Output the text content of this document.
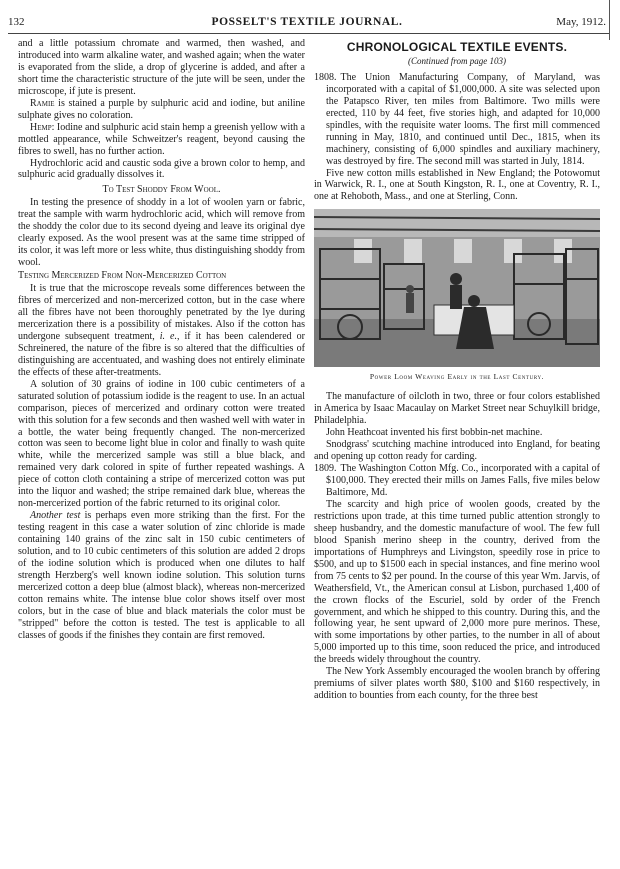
132	POSSELT'S TEXTILE JOURNAL.	May, 1912.

and a little potassium chromate and warmed, then washed, and introduced into warm alkaline water, and washed again; when the water is evaporated from the slide, a drop of glycerine is added, and after a short time the characteristic structure of the jute will be seen, under the microscope, if jute is present.

Ramie is stained a purple by sulphuric acid and iodine, but aniline sulphate gives no coloration.

Hemp: Iodine and sulphuric acid stain hemp a greenish yellow with a mottled appearance, while Schweitzer's reagent, beyond causing the fibres to swell, has no further action.

Hydrochloric acid and caustic soda give a brown color to hemp, and sulphuric acid gradually dissolves it.

To Test Shoddy From Wool.

In testing the presence of shoddy in a lot of woolen yarn or fabric, treat the sample with warm hydrochloric acid, which will remove from the shoddy the color due to its second dyeing and leave its original dye clearly exposed. As the wool present was at the same time stripped of its color, it was left more or less white, thus distinguishing shoddy from wool.

Testing Mercerized From Non-Mercerized Cotton

It is true that the microscope reveals some differences between the fibres of mercerized and non-mercerized cotton, but in the case where all the fibres have not been thoroughly penetrated by the lye during mercerization there is a possibility of mistakes. Also if the cotton has undergone subsequent treatment, i. e., if it has been calendered or Schreinered, the nature of the fibre is so altered that the difficulties of distinguishing are accentuated, and washing does not entirely eliminate the effects of these after-treatments.

A solution of 30 grains of iodine in 100 cubic centimeters of a saturated solution of potassium iodide is the reagent to use. In an actual comparison, pieces of mercerized and ordinary cotton were treated with this solution for a few seconds and then washed well with water in a bottle, the water being frequently changed. The non-mercerized cotton was seen to become light blue in color and finally to wash quite white, while the mercerized sample was still a blue black, and remained very dark colored in spite of further repeated washings. A piece of cotton cloth containing a stripe of mercerized cotton was put into the liquor and washed; the stripe remained dark blue, whereas the non-mercerized portion of the fabric returned to its original color.

Another test is perhaps even more striking than the first. For the testing reagent in this case a water solution of zinc chloride is made containing 140 grains of the zinc salt in 150 cubic centimeters of solution, and to 10 cubic centimeters of this solution are added 2 drops of the iodine solution which is produced when one dilutes to half strength Herzberg's well known iodine solution. This solution turns mercerized cotton a deep blue (almost black), whereas non-mercerized cotton remains white. The intense blue color shows itself over most colors, but in the case of blue and black materials the color must be "stripped" before the cotton is tested. The test is applicable to all classes of goods if the finishes they contain are first removed.

CHRONOLOGICAL TEXTILE EVENTS.
(Continued from page 103)

1808. The Union Manufacturing Company, of Maryland, was incorporated with a capital of $1,000,000. A site was selected upon the Patapsco River, ten miles from Baltimore. Two mills were erected, 110 by 44 feet, five stories high, and adapted for 10,000 spindles, with the requisite water looms. The first mill commenced running in May, 1810, and continued until Dec., 1815, when its machinery, consisting of 6,000 spindles and auxiliary machinery, was destroyed by fire. The second mill was started in July, 1814.

Five new cotton mills established in New England; the Potowomut in Warwick, R. I., one at South Kingston, R. I., one at Coventry, R. I., one at Rehoboth, Mass., and one at Sterling, Conn.

Power Loom Weaving Early in the Last Century.

The manufacture of oilcloth in two, three or four colors established in America by Isaac Macaulay on Market Street near Schuylkill bridge, Philadelphia.

John Heathcoat invented his first bobbin-net machine.

Snodgrass' scutching machine introduced into England, for beating and opening up cotton ready for carding.

1809. The Washington Cotton Mfg. Co., incorporated with a capital of $100,000. They erected their mills on James Falls, five miles below Baltimore, Md.

The scarcity and high price of woolen goods, created by the restrictions upon trade, at this time turned public attention strongly to sheep husbandry, and the domestic manufacture of wool. The few full blood Spanish merino sheep in the country, derived from the importations of Humphreys and Livingston, speedily rose in price to $500, and up to $1500 each in special instances, and fine merino wool from 75 cents to $2 per pound. In the course of this year Wm. Jarvis, of Weathersfield, Vt., the American consul at Lisbon, purchased 1,400 of the crown flocks of the Escuriel, sold by order of the French government, and which he shipped to this country. During this, and the following year, he sent upward of 2,000 more pure merinos. These, with some importations by other parties, to the number in all of about 5,000 imported up to this time, soon reduced the price, and introduced the breeds widely throughout the country.

The New York Assembly encouraged the woolen branch by offering premiums of silver plates worth $80, $100 and $160 respectively, in addition to bounties from each county, for the three best
